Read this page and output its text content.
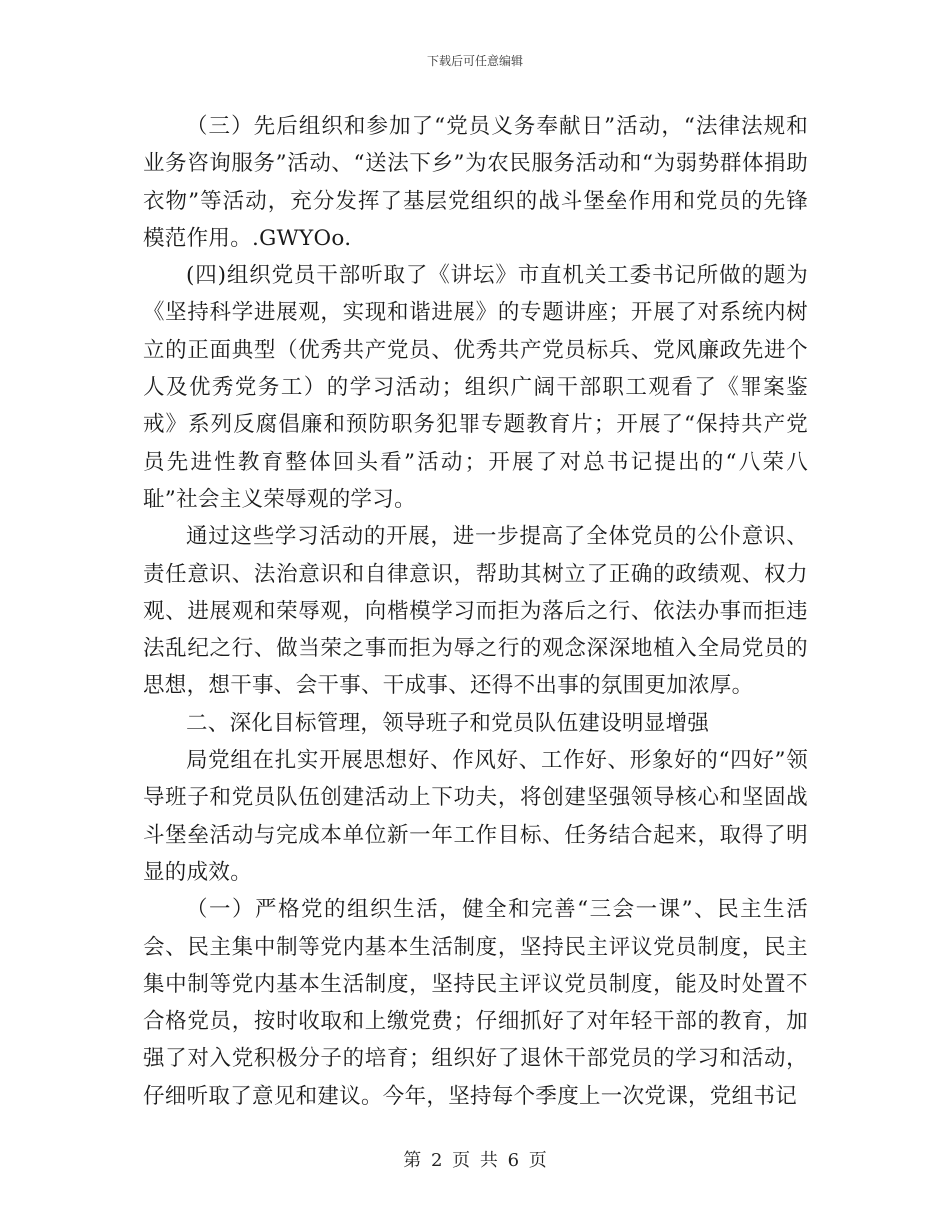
下载后可任意编辑

（三）先后组织和参加了“党员义务奉献日”活动，“法律法规和业务咨询服务”活动、“送法下乡”为农民服务活动和“为弱势群体捐助衣物”等活动，充分发挥了基层党组织的战斗堡垒作用和党员的先锋模范作用。.GWYOo.

(四)组织党员干部听取了《讲坛》市直机关工委书记所做的题为《坚持科学进展观，实现和谐进展》的专题讲座；开展了对系统内树立的正面典型（优秀共产党员、优秀共产党员标兵、党风廉政先进个人及优秀党务工）的学习活动；组织广阔干部职工观看了《罪案鉴戒》系列反腐倡廉和预防职务犯罪专题教育片；开展了“保持共产党员先进性教育整体回头看”活动；开展了对总书记提出的“八荣八耻”社会主义荣辱观的学习。

通过这些学习活动的开展，进一步提高了全体党员的公仆意识、责任意识、法治意识和自律意识，帮助其树立了正确的政绩观、权力观、进展观和荣辱观，向楷模学习而拒为落后之行、依法办事而拒违法乱纪之行、做当荣之事而拒为辱之行的观念深深地植入全局党员的思想，想干事、会干事、干成事、还得不出事的氛围更加浓厚。

二、深化目标管理，领导班子和党员队伍建设明显增强

局党组在扎实开展思想好、作风好、工作好、形象好的“四好”领导班子和党员队伍创建活动上下功夫，将创建坚强领导核心和坚固战斗堡垒活动与完成本单位新一年工作目标、任务结合起来，取得了明显的成效。

（一）严格党的组织生活，健全和完善“三会一课”、民主生活会、民主集中制等党内基本生活制度，坚持民主评议党员制度，民主集中制等党内基本生活制度，坚持民主评议党员制度，能及时处置不合格党员，按时收取和上缴党费；仔细抓好了对年轻干部的教育，加强了对入党积极分子的培育；组织好了退休干部党员的学习和活动，仔细听取了意见和建议。今年，坚持每个季度上一次党课，党组书记

第 2 页 共 6 页
